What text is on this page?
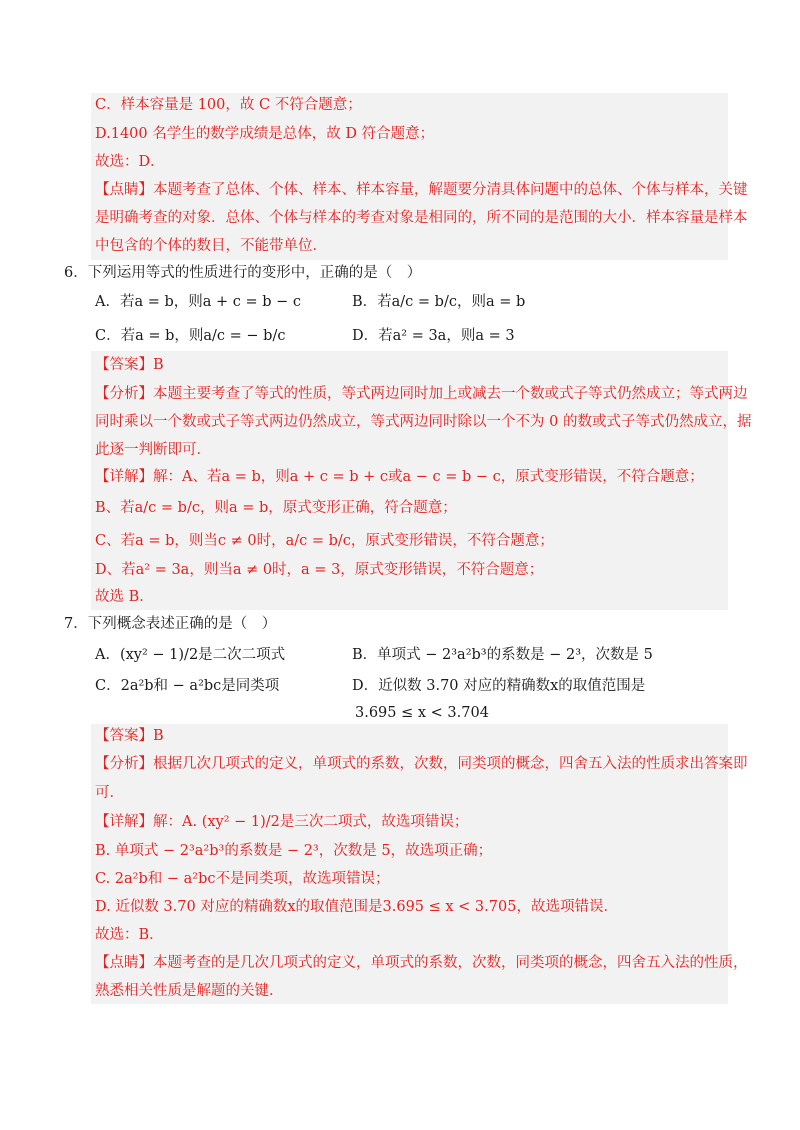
C．样本容量是 100，故 C 不符合题意；
D.1400 名学生的数学成绩是总体，故 D 符合题意；
故选：D．
【点睛】本题考查了总体、个体、样本、样本容量，解题要分清具体问题中的总体、个体与样本，关键
是明确考查的对象．总体、个体与样本的考查对象是相同的，所不同的是范围的大小．样本容量是样本
中包含的个体的数目，不能带单位．
6．下列运用等式的性质进行的变形中，正确的是（　）
A．若a = b，则a + c = b − c	B．若a/c = b/c，则a = b
C．若a = b，则a/c = − b/c	D．若a² = 3a，则a = 3
【答案】B
【分析】本题主要考查了等式的性质，等式两边同时加上或减去一个数或式子等式仍然成立；等式两边
同时乘以一个数或式子等式两边仍然成立，等式两边同时除以一个不为 0 的数或式子等式仍然成立，据
此逐一判断即可．
【详解】解：A、若a = b，则a + c = b + c或a − c = b − c，原式变形错误，不符合题意；
B、若a/c = b/c，则a = b，原式变形正确，符合题意；
C、若a = b，则当c ≠ 0时，a/c = b/c，原式变形错误，不符合题意；
D、若a² = 3a，则当a ≠ 0时，a = 3，原式变形错误，不符合题意；
故选 B．
7．下列概念表述正确的是（　）
A．(xy² − 1)/2是二次二项式	B．单项式 − 2³a²b³的系数是 − 2³，次数是 5
C．2a²b和 − a²bc是同类项	D．近似数 3.70 对应的精确数x的取值范围是
3.695 ≤ x < 3.704
【答案】B
【分析】根据几次几项式的定义，单项式的系数，次数，同类项的概念，四舍五入法的性质求出答案即
可．
【详解】解：A. (xy² − 1)/2是三次二项式，故选项错误；
B. 单项式 − 2³a²b³的系数是 − 2³，次数是 5，故选项正确；
C. 2a²b和 − a²bc不是同类项，故选项错误；
D. 近似数 3.70 对应的精确数x的取值范围是3.695 ≤ x < 3.705，故选项错误．
故选：B．
【点睛】本题考查的是几次几项式的定义，单项式的系数，次数，同类项的概念，四舍五入法的性质，
熟悉相关性质是解题的关键．
